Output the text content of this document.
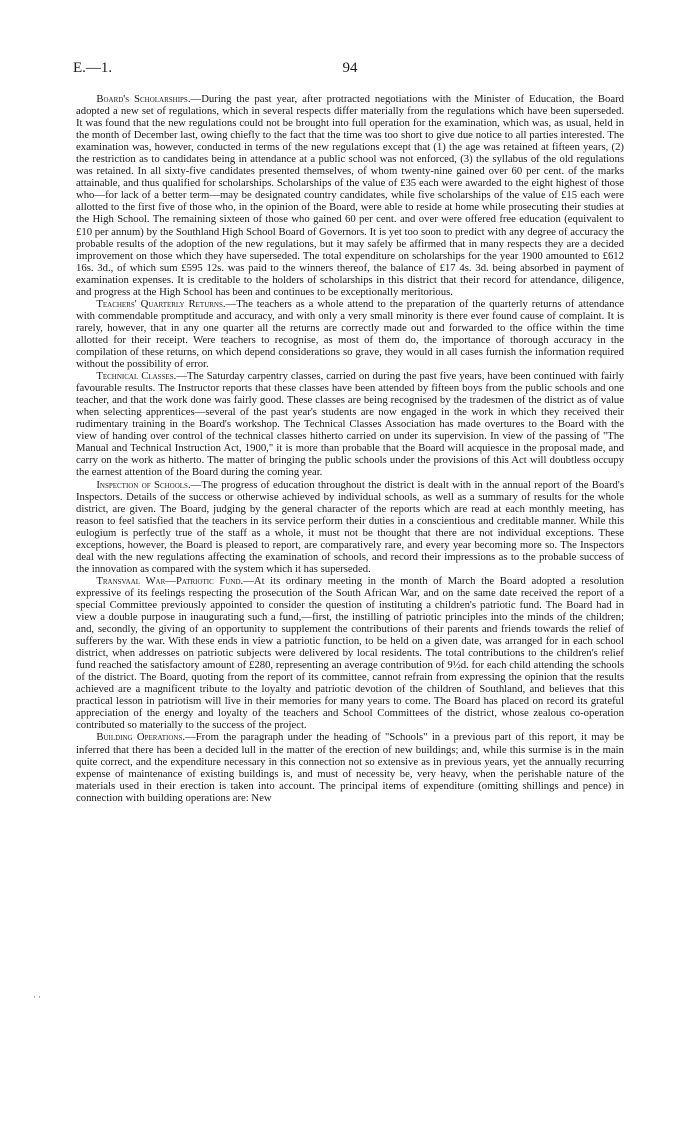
94
E.—1.

Board's Scholarships.—During the past year, after protracted negotiations with the Minister of Education, the Board adopted a new set of regulations, which in several respects differ materially from the regulations which have been superseded. It was found that the new regulations could not be brought into full operation for the examination, which was, as usual, held in the month of December last, owing chiefly to the fact that the time was too short to give due notice to all parties interested. The examination was, however, conducted in terms of the new regulations except that (1) the age was retained at fifteen years, (2) the restriction as to candidates being in attendance at a public school was not enforced, (3) the syllabus of the old regulations was retained. In all sixty-five candidates presented themselves, of whom twenty-nine gained over 60 per cent. of the marks attainable, and thus qualified for scholarships. Scholarships of the value of £35 each were awarded to the eight highest of those who—for lack of a better term—may be designated country candidates, while five scholarships of the value of £15 each were allotted to the first five of those who, in the opinion of the Board, were able to reside at home while prosecuting their studies at the High School. The remaining sixteen of those who gained 60 per cent. and over were offered free education (equivalent to £10 per annum) by the Southland High School Board of Governors. It is yet too soon to predict with any degree of accuracy the probable results of the adoption of the new regulations, but it may safely be affirmed that in many respects they are a decided improvement on those which they have superseded. The total expenditure on scholarships for the year 1900 amounted to £612 16s. 3d., of which sum £595 12s. was paid to the winners thereof, the balance of £17 4s. 3d. being absorbed in payment of examination expenses. It is creditable to the holders of scholarships in this district that their record for attendance, diligence, and progress at the High School has been and continues to be exceptionally meritorious.

Teachers' Quarterly Returns.—The teachers as a whole attend to the preparation of the quarterly returns of attendance with commendable promptitude and accuracy, and with only a very small minority is there ever found cause of complaint. It is rarely, however, that in any one quarter all the returns are correctly made out and forwarded to the office within the time allotted for their receipt. Were teachers to recognise, as most of them do, the importance of thorough accuracy in the compilation of these returns, on which depend considerations so grave, they would in all cases furnish the information required without the possibility of error.

Technical Classes.—The Saturday carpentry classes, carried on during the past five years, have been continued with fairly favourable results. The Instructor reports that these classes have been attended by fifteen boys from the public schools and one teacher, and that the work done was fairly good. These classes are being recognised by the tradesmen of the district as of value when selecting apprentices—several of the past year's students are now engaged in the work in which they received their rudimentary training in the Board's workshop. The Technical Classes Association has made overtures to the Board with the view of handing over control of the technical classes hitherto carried on under its supervision. In view of the passing of "The Manual and Technical Instruction Act, 1900," it is more than probable that the Board will acquiesce in the proposal made, and carry on the work as hitherto. The matter of bringing the public schools under the provisions of this Act will doubtless occupy the earnest attention of the Board during the coming year.

Inspection of Schools.—The progress of education throughout the district is dealt with in the annual report of the Board's Inspectors. Details of the success or otherwise achieved by individual schools, as well as a summary of results for the whole district, are given. The Board, judging by the general character of the reports which are read at each monthly meeting, has reason to feel satisfied that the teachers in its service perform their duties in a conscientious and creditable manner. While this eulogium is perfectly true of the staff as a whole, it must not be thought that there are not individual exceptions. These exceptions, however, the Board is pleased to report, are comparatively rare, and every year becoming more so. The Inspectors deal with the new regulations affecting the examination of schools, and record their impressions as to the probable success of the innovation as compared with the system which it has superseded.

Transvaal War—Patriotic Fund.—At its ordinary meeting in the month of March the Board adopted a resolution expressive of its feelings respecting the prosecution of the South African War, and on the same date received the report of a special Committee previously appointed to consider the question of instituting a children's patriotic fund. The Board had in view a double purpose in inaugurating such a fund,—first, the instilling of patriotic principles into the minds of the children; and, secondly, the giving of an opportunity to supplement the contributions of their parents and friends towards the relief of sufferers by the war. With these ends in view a patriotic function, to be held on a given date, was arranged for in each school district, when addresses on patriotic subjects were delivered by local residents. The total contributions to the children's relief fund reached the satisfactory amount of £280, representing an average contribution of 9½d. for each child attending the schools of the district. The Board, quoting from the report of its committee, cannot refrain from expressing the opinion that the results achieved are a magnificent tribute to the loyalty and patriotic devotion of the children of Southland, and believes that this practical lesson in patriotism will live in their memories for many years to come. The Board has placed on record its grateful appreciation of the energy and loyalty of the teachers and School Committees of the district, whose zealous co-operation contributed so materially to the success of the project.

Building Operations.—From the paragraph under the heading of "Schools" in a previous part of this report, it may be inferred that there has been a decided lull in the matter of the erection of new buildings; and, while this surmise is in the main quite correct, and the expenditure necessary in this connection not so extensive as in previous years, yet the annually recurring expense of maintenance of existing buildings is, and must of necessity be, very heavy, when the perishable nature of the materials used in their erection is taken into account. The principal items of expenditure (omitting shillings and pence) in connection with building operations are: New

··
